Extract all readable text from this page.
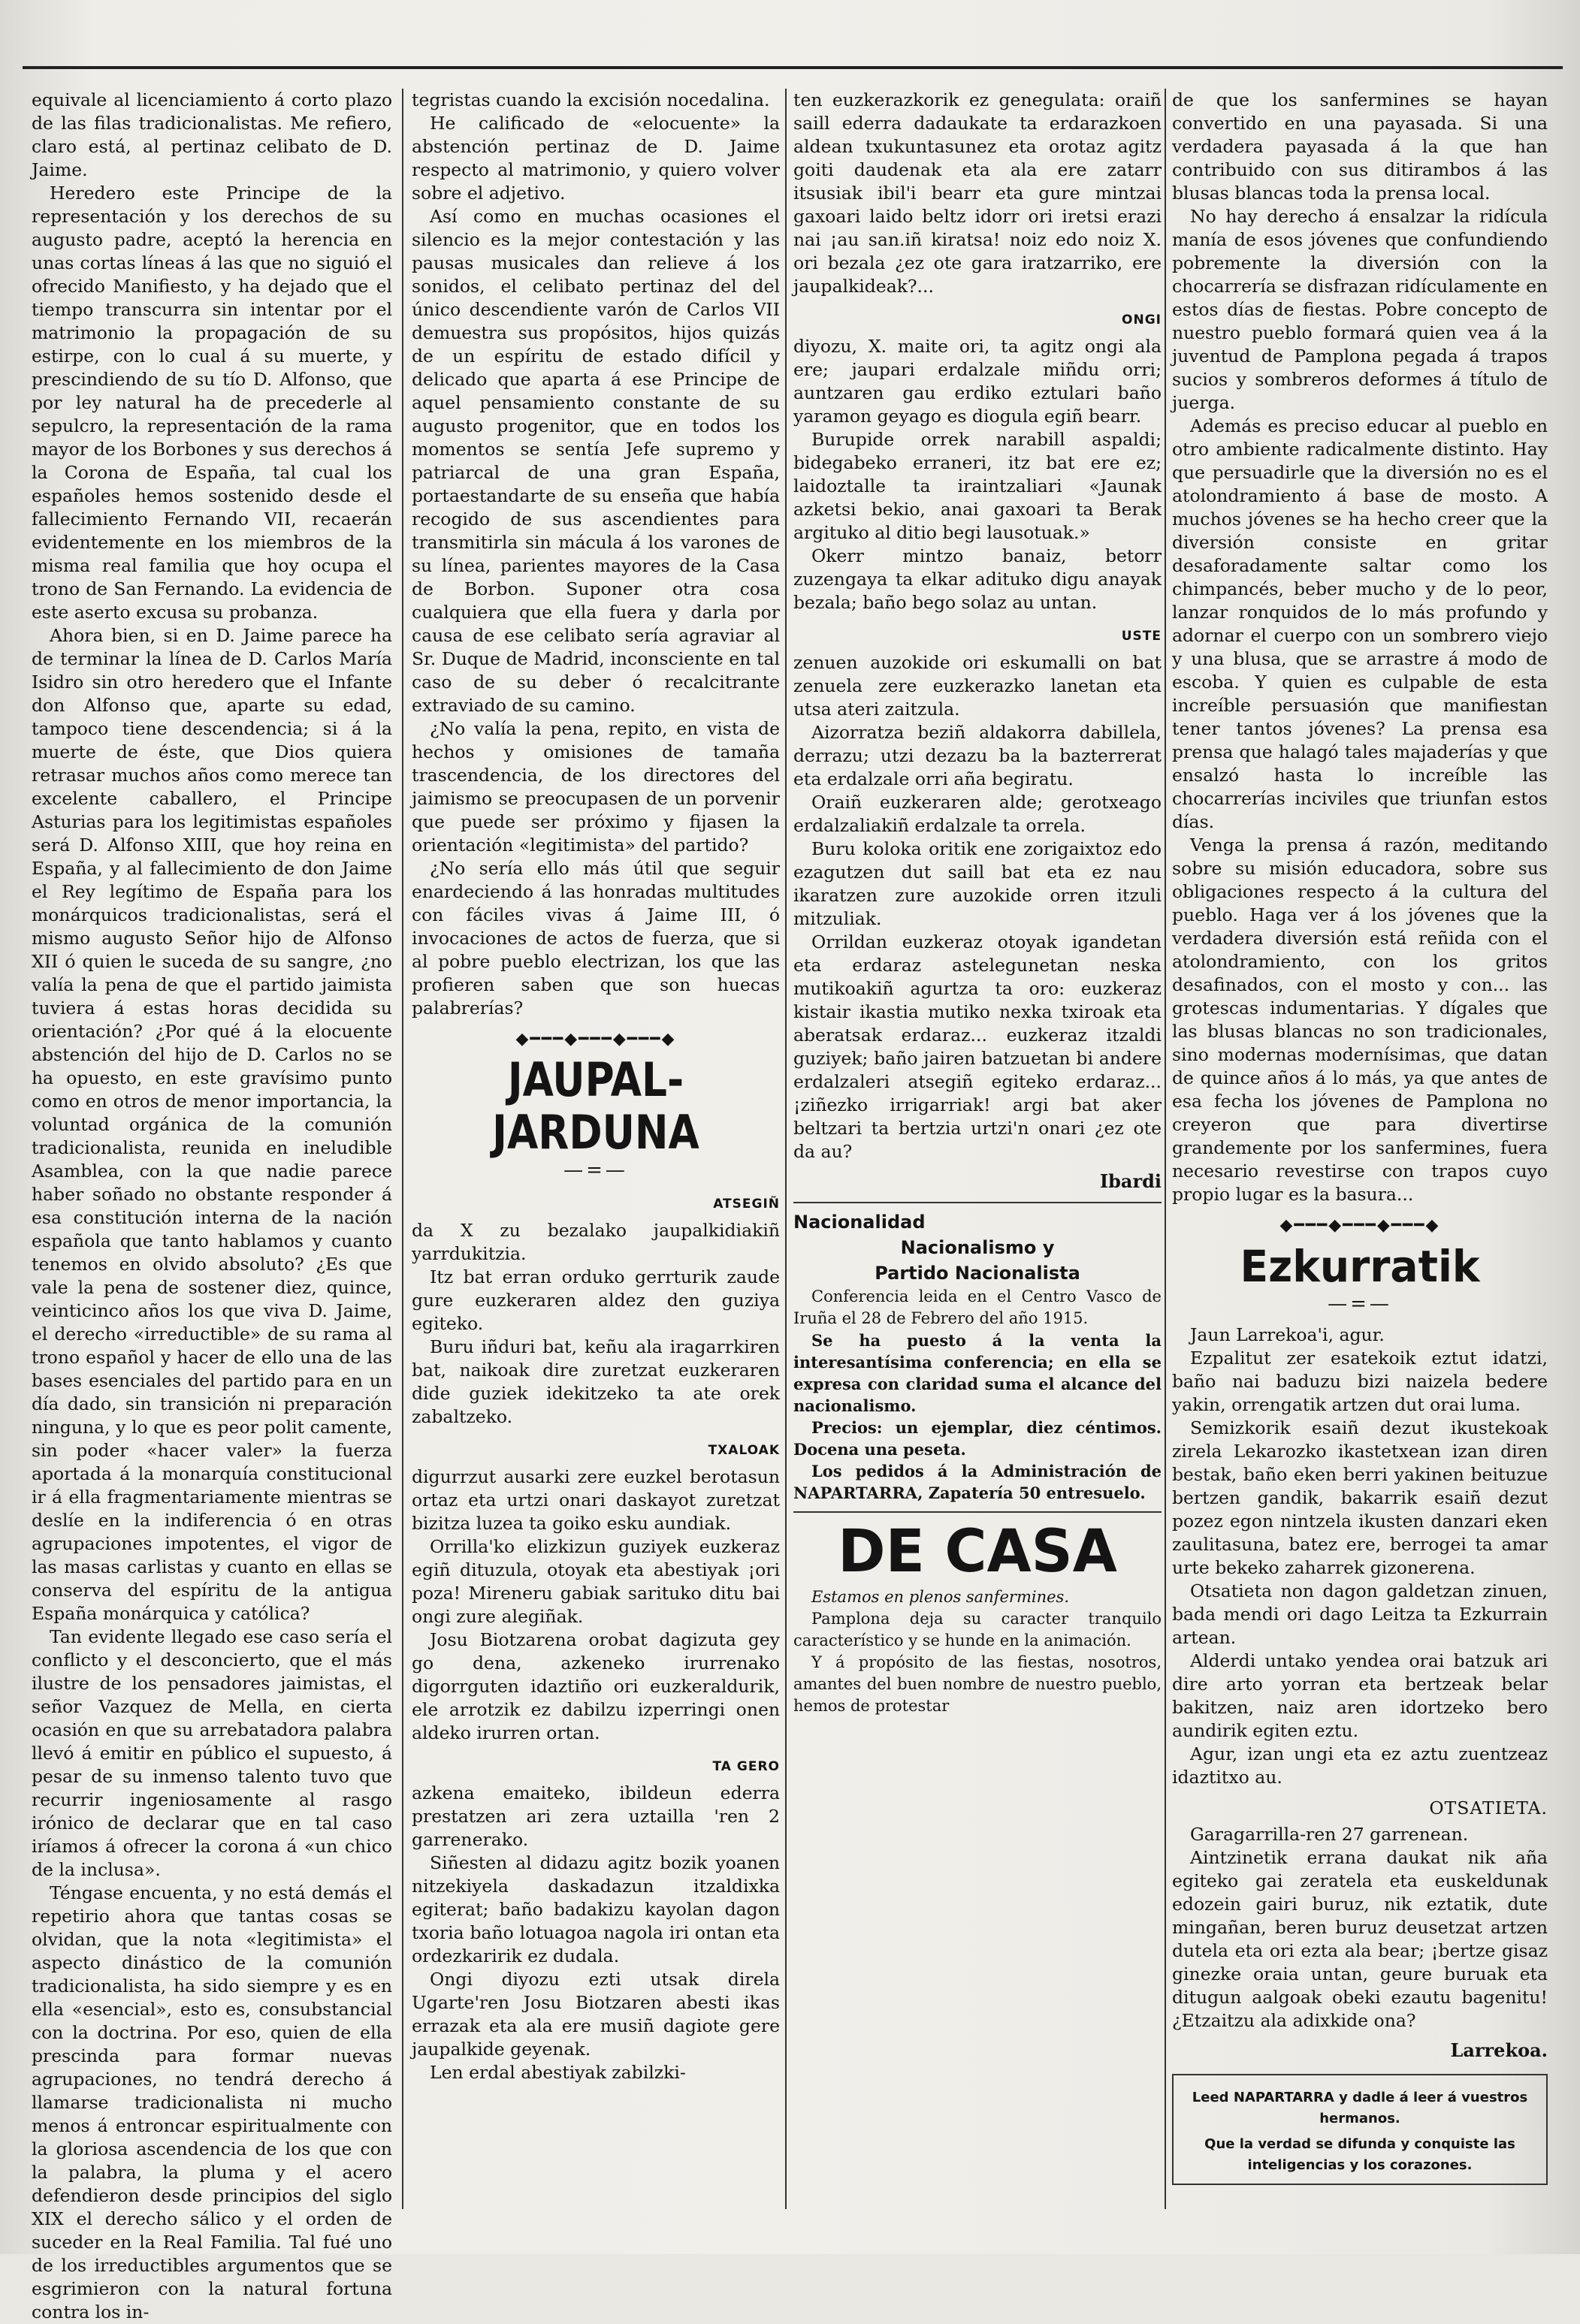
equivale al licenciamiento á corto plazo de las filas tradicionalistas. Me refiero, claro está, al pertinaz celibato de D. Jaime.

Heredero este Principe de la representación y los derechos de su augusto padre, aceptó la herencia en unas cortas líneas á las que no siguió el ofrecido Manifiesto, y ha dejado que el tiempo transcurra sin intentar por el matrimonio la propagación de su estirpe, con lo cual á su muerte, y prescindiendo de su tío D. Alfonso, que por ley natural ha de precederle al sepulcro, la representación de la rama mayor de los Borbones y sus derechos á la Corona de España, tal cual los españoles hemos sostenido desde el fallecimiento Fernando VII, recaerán evidentemente en los miembros de la misma real familia que hoy ocupa el trono de San Fernando. La evidencia de este aserto excusa su probanza.

Ahora bien, si en D. Jaime parece ha de terminar la línea de D. Carlos María Isidro sin otro heredero que el Infante don Alfonso que, aparte su edad, tampoco tiene descendencia; si á la muerte de éste, que Dios quiera retrasar muchos años como merece tan excelente caballero, el Principe Asturias para los legitimistas españoles será D. Alfonso XIII, que hoy reina en España, y al fallecimiento de don Jaime el Rey legítimo de España para los monárquicos tradicionalistas, será el mismo augusto Señor hijo de Alfonso XII ó quien le suceda de su sangre, ¿no valía la pena de que el partido jaimista tuviera á estas horas decidida su orientación? ¿Por qué á la elocuente abstención del hijo de D. Carlos no se ha opuesto, en este gravísimo punto como en otros de menor importancia, la voluntad orgánica de la comunión tradicionalista, reunida en ineludible Asamblea, con la que nadie parece haber soñado no obstante responder á esa constitución interna de la nación española que tanto hablamos y cuanto tenemos en olvido absoluto? ¿Es que vale la pena de sostener diez, quince, veinticinco años los que viva D. Jaime, el derecho «irreductible» de su rama al trono español y hacer de ello una de las bases esenciales del partido para en un día dado, sin transición ni preparación ninguna, y lo que es peor polit camente, sin poder «hacer valer» la fuerza aportada á la monarquía constitucional ir á ella fragmentariamente mientras se deslíe en la indiferencia ó en otras agrupaciones impotentes, el vigor de las masas carlistas y cuanto en ellas se conserva del espíritu de la antigua España monárquica y católica?

Tan evidente llegado ese caso sería el conflicto y el desconcierto, que el más ilustre de los pensadores jaimistas, el señor Vazquez de Mella, en cierta ocasión en que su arrebatadora palabra llevó á emitir en público el supuesto, á pesar de su inmenso talento tuvo que recurrir ingeniosamente al rasgo irónico de declarar que en tal caso iríamos á ofrecer la corona á «un chico de la inclusa».

Téngase encuenta, y no está demás el repetirio ahora que tantas cosas se olvidan, que la nota «legitimista» el aspecto dinástico de la comunión tradicionalista, ha sido siempre y es en ella «esencial», esto es, consubstancial con la doctrina. Por eso, quien de ella prescinda para formar nuevas agrupaciones, no tendrá derecho á llamarse tradicionalista ni mucho menos á entroncar espiritualmente con la gloriosa ascendencia de los que con la palabra, la pluma y el acero defendieron desde principios del siglo XIX el derecho sálico y el orden de suceder en la Real Familia. Tal fué uno de los irreductibles argumentos que se esgrimieron con la natural fortuna contra los in-

tegristas cuando la excisión nocedalina.

He calificado de «elocuente» la abstención pertinaz de D. Jaime respecto al matrimonio, y quiero volver sobre el adjetivo.

Así como en muchas ocasiones el silencio es la mejor contestación y las pausas musicales dan relieve á los sonidos, el celibato pertinaz del del único descendiente varón de Carlos VII demuestra sus propósitos, hijos quizás de un espíritu de estado difícil y delicado que aparta á ese Principe de aquel pensamiento constante de su augusto progenitor, que en todos los momentos se sentía Jefe supremo y patriarcal de una gran España, portaestandarte de su enseña que había recogido de sus ascendientes para transmitirla sin mácula á los varones de su línea, parientes mayores de la Casa de Borbon. Suponer otra cosa cualquiera que ella fuera y darla por causa de ese celibato sería agraviar al Sr. Duque de Madrid, inconsciente en tal caso de su deber ó recalcitrante extraviado de su camino.

¿No valía la pena, repito, en vista de hechos y omisiones de tamaña trascendencia, de los directores del jaimismo se preocupasen de un porvenir que puede ser próximo y fijasen la orientación «legitimista» del partido?

¿No sería ello más útil que seguir enardeciendo á las honradas multitudes con fáciles vivas á Jaime III, ó invocaciones de actos de fuerza, que si al pobre pueblo electrizan, los que las profieren saben que son huecas palabrerías?

◆━━━◆━━━◆━━━◆
JAUPAL-JARDUNA
—=—
ATSEGIÑ

da X zu bezalako jaupalkidiakiñ yarrdukitzia.

Itz bat erran orduko gerrturik zaude gure euzkeraren aldez den guziya egiteko.

Buru iñduri bat, keñu ala iragarrkiren bat, naikoak dire zuretzat euzkeraren dide guziek idekitzeko ta ate orek zabaltzeko.

TXALOAK

digurrzut ausarki zere euzkel berotasun ortaz eta urtzi onari daskayot zuretzat bizitza luzea ta goiko esku aundiak.

Orrilla'ko elizkizun guziyek euzkeraz egiñ dituzula, otoyak eta abestiyak ¡ori poza! Mireneru gabiak sarituko ditu bai ongi zure alegiñak.

Josu Biotzarena orobat dagizuta gey go dena, azkeneko irurrenako digorrguten idaztiño ori euzkeraldurik, ele arrotzik ez dabilzu izperringi onen aldeko irurren ortan.

TA GERO

azkena emaiteko, ibildeun ederra prestatzen ari zera uztailla 'ren 2 garrenerako.

Siñesten al didazu agitz bozik yoanen nitzekiyela daskadazun itzaldixka egiterat; baño badakizu kayolan dagon txoria baño lotuagoa nagola iri ontan eta ordezkaririk ez dudala.

Ongi diyozu ezti utsak direla Ugarte'ren Josu Biotzaren abesti ikas errazak eta ala ere musiñ dagiote gere jaupalkide geyenak.

Len erdal abestiyak zabilzki-

ten euzkerazkorik ez genegulata: oraiñ saill ederra dadaukate ta erdarazkoen aldean txukuntasunez eta orotaz agitz goiti daudenak eta ala ere zatarr itsusiak ibil'i bearr eta gure mintzai gaxoari laido beltz idorr ori iretsi erazi nai ¡au san.iñ kiratsa! noiz edo noiz X. ori bezala ¿ez ote gara iratzarriko, ere jaupalkideak?...

ONGI

diyozu, X. maite ori, ta agitz ongi ala ere; jaupari erdalzale miñdu orri; auntzaren gau erdiko eztulari baño yaramon geyago es diogula egiñ bearr.

Burupide orrek narabill aspaldi; bidegabeko erraneri, itz bat ere ez; laidoztalle ta iraintzaliari «Jaunak azketsi bekio, anai gaxoari ta Berak argituko al ditio begi lausotuak.»

Okerr mintzo banaiz, betorr zuzengaya ta elkar adituko digu anayak bezala; baño bego solaz au untan.

USTE

zenuen auzokide ori eskumalli on bat zenuela zere euzkerazko lanetan eta utsa ateri zaitzula.

Aizorratza beziñ aldakorra dabillela, derrazu; utzi dezazu ba la bazterrerat eta erdalzale orri aña begiratu.

Oraiñ euzkeraren alde; gerotxeago erdalzaliakiñ erdalzale ta orrela.

Buru koloka oritik ene zorigaixtoz edo ezagutzen dut saill bat eta ez nau ikaratzen zure auzokide orren itzuli mitzuliak.

Orrildan euzkeraz otoyak igandetan eta erdaraz astelegunetan neska mutikoakiñ agurtza ta oro: euzkeraz kistair ikastia mutiko nexka txiroak eta aberatsak erdaraz... euzkeraz itzaldi guziyek; baño jairen batzuetan bi andere erdalzaleri atsegiñ egiteko erdaraz... ¡ziñezko irrigarriak! argi bat aker beltzari ta bertzia urtzi'n onari ¿ez ote da au?

Ibardi
Nacionalidad
Nacionalismo y
Partido Nacionalista

Conferencia leida en el Centro Vasco de Iruña el 28 de Febrero del año 1915.

Se ha puesto á la venta la interesantísima conferencia; en ella se expresa con claridad suma el alcance del nacionalismo.

Precios: un ejemplar, diez céntimos. Docena una peseta.

Los pedidos á la Administración de NAPARTARRA, Zapatería 50 entresuelo.

DE CASA

Estamos en plenos sanfermines.

Pamplona deja su caracter tranquilo característico y se hunde en la animación.

Y á propósito de las fiestas, nosotros, amantes del buen nombre de nuestro pueblo, hemos de protestar

de que los sanfermines se hayan convertido en una payasada. Si una verdadera payasada á la que han contribuido con sus ditirambos á las blusas blancas toda la prensa local.

No hay derecho á ensalzar la ridícula manía de esos jóvenes que confundiendo pobremente la diversión con la chocarrería se disfrazan ridículamente en estos días de fiestas. Pobre concepto de nuestro pueblo formará quien vea á la juventud de Pamplona pegada á trapos sucios y sombreros deformes á título de juerga.

Además es preciso educar al pueblo en otro ambiente radicalmente distinto. Hay que persuadirle que la diversión no es el atolondramiento á base de mosto. A muchos jóvenes se ha hecho creer que la diversión consiste en gritar desaforadamente saltar como los chimpancés, beber mucho y de lo peor, lanzar ronquidos de lo más profundo y adornar el cuerpo con un sombrero viejo y una blusa, que se arrastre á modo de escoba. Y quien es culpable de esta increíble persuasión que manifiestan tener tantos jóvenes? La prensa esa prensa que halagó tales majaderías y que ensalzó hasta lo increíble las chocarrerías inciviles que triunfan estos días.

Venga la prensa á razón, meditando sobre su misión educadora, sobre sus obligaciones respecto á la cultura del pueblo. Haga ver á los jóvenes que la verdadera diversión está reñida con el atolondramiento, con los gritos desafinados, con el mosto y con... las grotescas indumentarias. Y dígales que las blusas blancas no son tradicionales, sino modernas modernísimas, que datan de quince años á lo más, ya que antes de esa fecha los jóvenes de Pamplona no creyeron que para divertirse grandemente por los sanfermines, fuera necesario revestirse con trapos cuyo propio lugar es la basura...

◆━━━◆━━━◆━━━◆
Ezkurratik
—=—

Jaun Larrekoa'i, agur.

Ezpalitut zer esatekoik eztut idatzi, baño nai baduzu bizi naizela bedere yakin, orrengatik artzen dut orai luma.

Semizkorik esaiñ dezut ikustekoak zirela Lekarozko ikastetxean izan diren bestak, baño eken berri yakinen beituzue bertzen gandik, bakarrik esaiñ dezut pozez egon nintzela ikusten danzari eken zaulitasuna, batez ere, berrogei ta amar urte bekeko zaharrek gizonerena.

Otsatieta non dagon galdetzan zinuen, bada mendi ori dago Leitza ta Ezkurrain artean.

Alderdi untako yendea orai batzuk ari dire arto yorran eta bertzeak belar bakitzen, naiz aren idortzeko bero aundirik egiten eztu.

Agur, izan ungi eta ez aztu zuentzeaz idaztitxo au.

OTSATIETA.

Garagarrilla-ren 27 garrenean.

Aintzinetik errana daukat nik aña egiteko gai zeratela eta euskeldunak edozein gairi buruz, nik eztatik, dute mingañan, beren buruz deusetzat artzen dutela eta ori ezta ala bear; ¡bertze gisaz ginezke oraia untan, geure buruak eta ditugun aalgoak obeki ezautu bagenitu! ¿Etzaitzu ala adixkide ona?

Larrekoa.
Leed NAPARTARRA y dadle á leer á vuestros hermanos.
Que la verdad se difunda y conquiste las inteligencias y los corazones.
